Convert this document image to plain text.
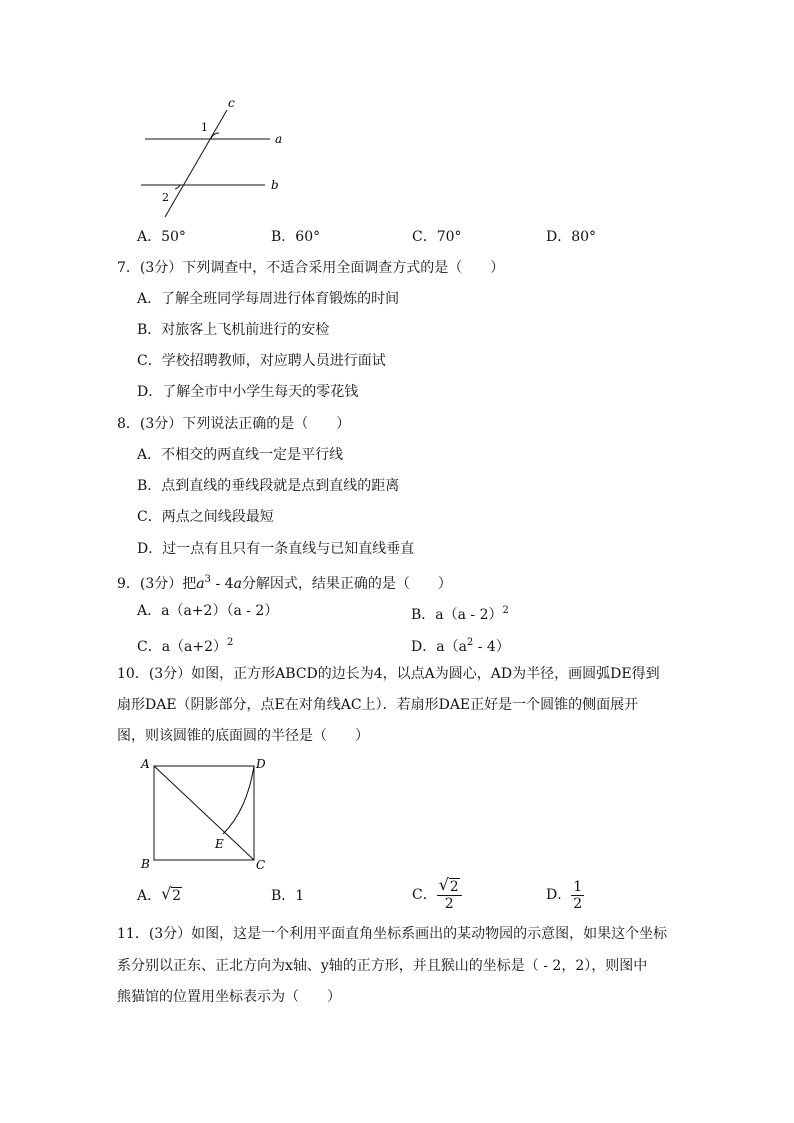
c
a
b
1
2
A．50°	B．60°	C．70°	D．80°
7．(3分）下列调查中，不适合采用全面调查方式的是（　　）
A．了解全班同学每周进行体育锻炼的时间
B．对旅客上飞机前进行的安检
C．学校招聘教师，对应聘人员进行面试
D．了解全市中小学生每天的零花钱
8．(3分）下列说法正确的是（　　）
A．不相交的两直线一定是平行线
B．点到直线的垂线段就是点到直线的距离
C．两点之间线段最短
D．过一点有且只有一条直线与已知直线垂直
9．(3分）把$a^3 - 4a$分解因式，结果正确的是（　　）
A．a（a+2）（a - 2）	B．a（a - 2）$^2$
C．$a(a+2)^2$	D．$a(a^2 - 4)$
10．(3分）如图，正方形ABCD的边长为4，以点A为圆心，AD为半径，画圆弧DE得到
扇形DAE（阴影部分，点E在对角线AC上）．若扇形DAE正好是一个圆锥的侧面展开
图，则该圆锥的底面圆的半径是（　　）
A	D
B	C
E
A． √ 2	B．1	C． $\frac{√ 2}{2}$	D． $\frac{1}{2}$
11．(3分）如图，这是一个利用平面直角坐标系画出的某动物园的示意图，如果这个坐标
系分别以正东、正北方向为x轴、y轴的正方形，并且猴山的坐标是（ - 2，2），则图中
熊猫馆的位置用坐标表示为（　　）
